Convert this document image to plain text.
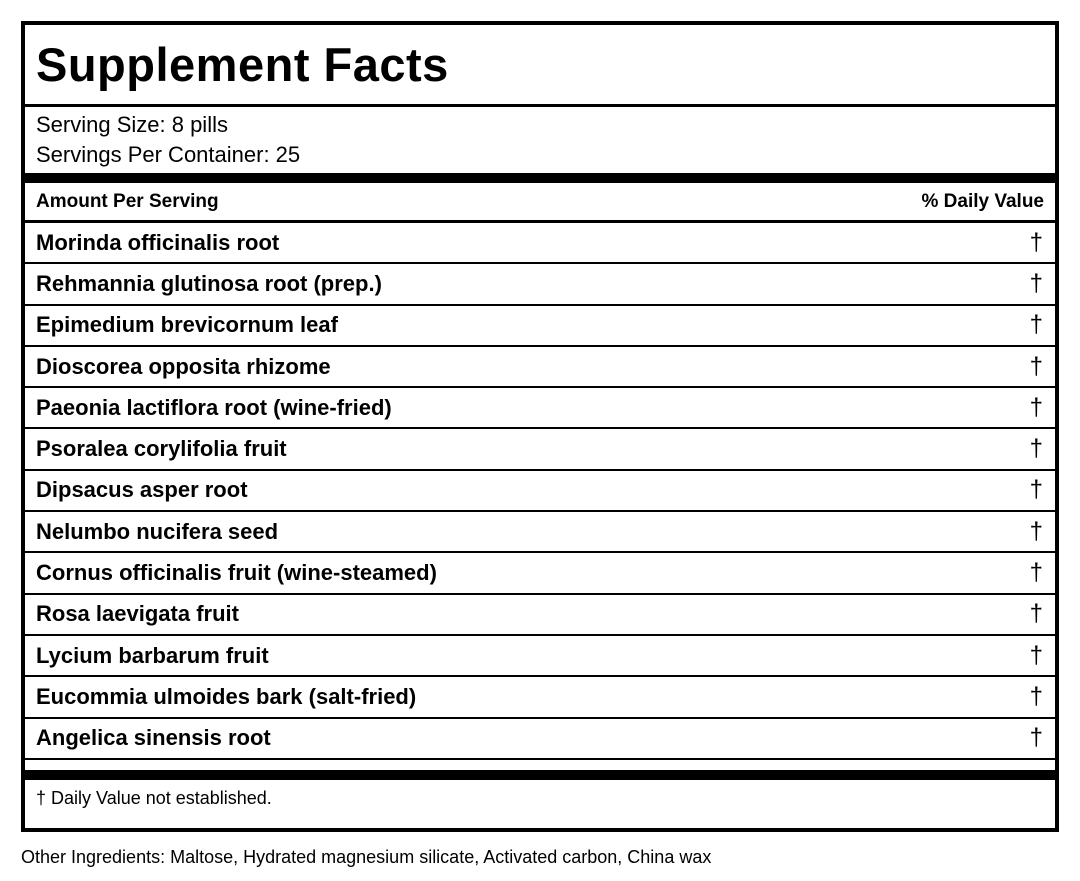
Supplement Facts
Serving Size: 8 pills
Servings Per Container: 25
Amount Per Serving	% Daily Value
Morinda officinalis root	†
Rehmannia glutinosa root (prep.)	†
Epimedium brevicornum leaf	†
Dioscorea opposita rhizome	†
Paeonia lactiflora root (wine-fried)	†
Psoralea corylifolia fruit	†
Dipsacus asper root	†
Nelumbo nucifera seed	†
Cornus officinalis fruit (wine-steamed)	†
Rosa laevigata fruit	†
Lycium barbarum fruit	†
Eucommia ulmoides bark (salt-fried)	†
Angelica sinensis root	†
† Daily Value not established.
Other Ingredients: Maltose, Hydrated magnesium silicate, Activated carbon, China wax
